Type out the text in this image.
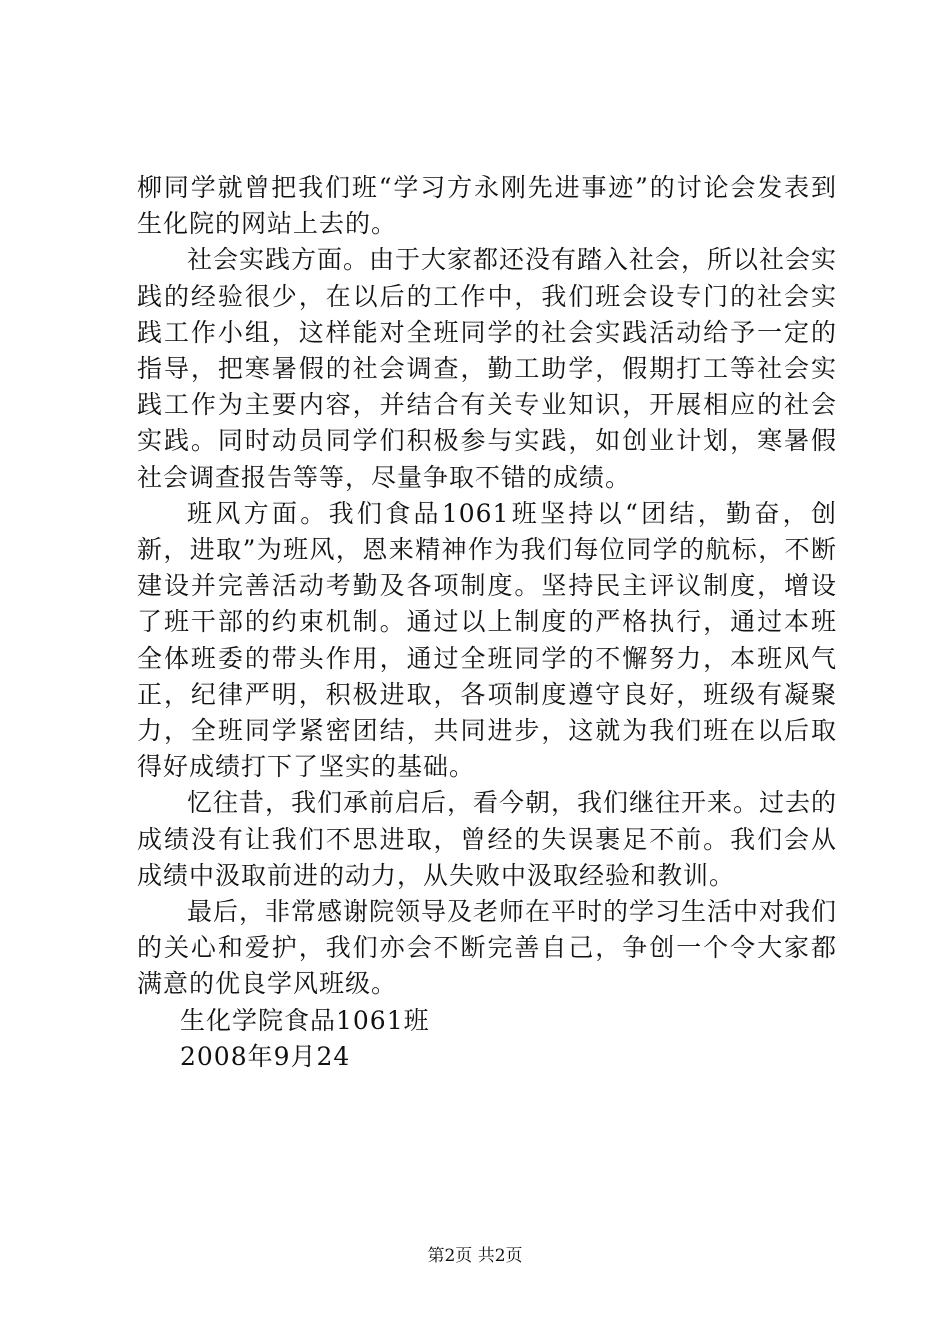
柳同学就曾把我们班“学习方永刚先进事迹”的讨论会发表到生化院的网站上去的。

社会实践方面。由于大家都还没有踏入社会，所以社会实践的经验很少，在以后的工作中，我们班会设专门的社会实践工作小组，这样能对全班同学的社会实践活动给予一定的指导，把寒暑假的社会调查，勤工助学，假期打工等社会实践工作为主要内容，并结合有关专业知识，开展相应的社会实践。同时动员同学们积极参与实践，如创业计划，寒暑假社会调查报告等等，尽量争取不错的成绩。

班风方面。我们食品1061班坚持以“团结，勤奋，创新，进取”为班风，恩来精神作为我们每位同学的航标，不断建设并完善活动考勤及各项制度。坚持民主评议制度，增设了班干部的约束机制。通过以上制度的严格执行，通过本班全体班委的带头作用，通过全班同学的不懈努力，本班风气正，纪律严明，积极进取，各项制度遵守良好，班级有凝聚力，全班同学紧密团结，共同进步，这就为我们班在以后取得好成绩打下了坚实的基础。

忆往昔，我们承前启后，看今朝，我们继往开来。过去的成绩没有让我们不思进取，曾经的失误裹足不前。我们会从成绩中汲取前进的动力，从失败中汲取经验和教训。

最后，非常感谢院领导及老师在平时的学习生活中对我们的关心和爱护，我们亦会不断完善自己，争创一个令大家都满意的优良学风班级。

生化学院食品1061班

2008年9月24

第2页 共2页
